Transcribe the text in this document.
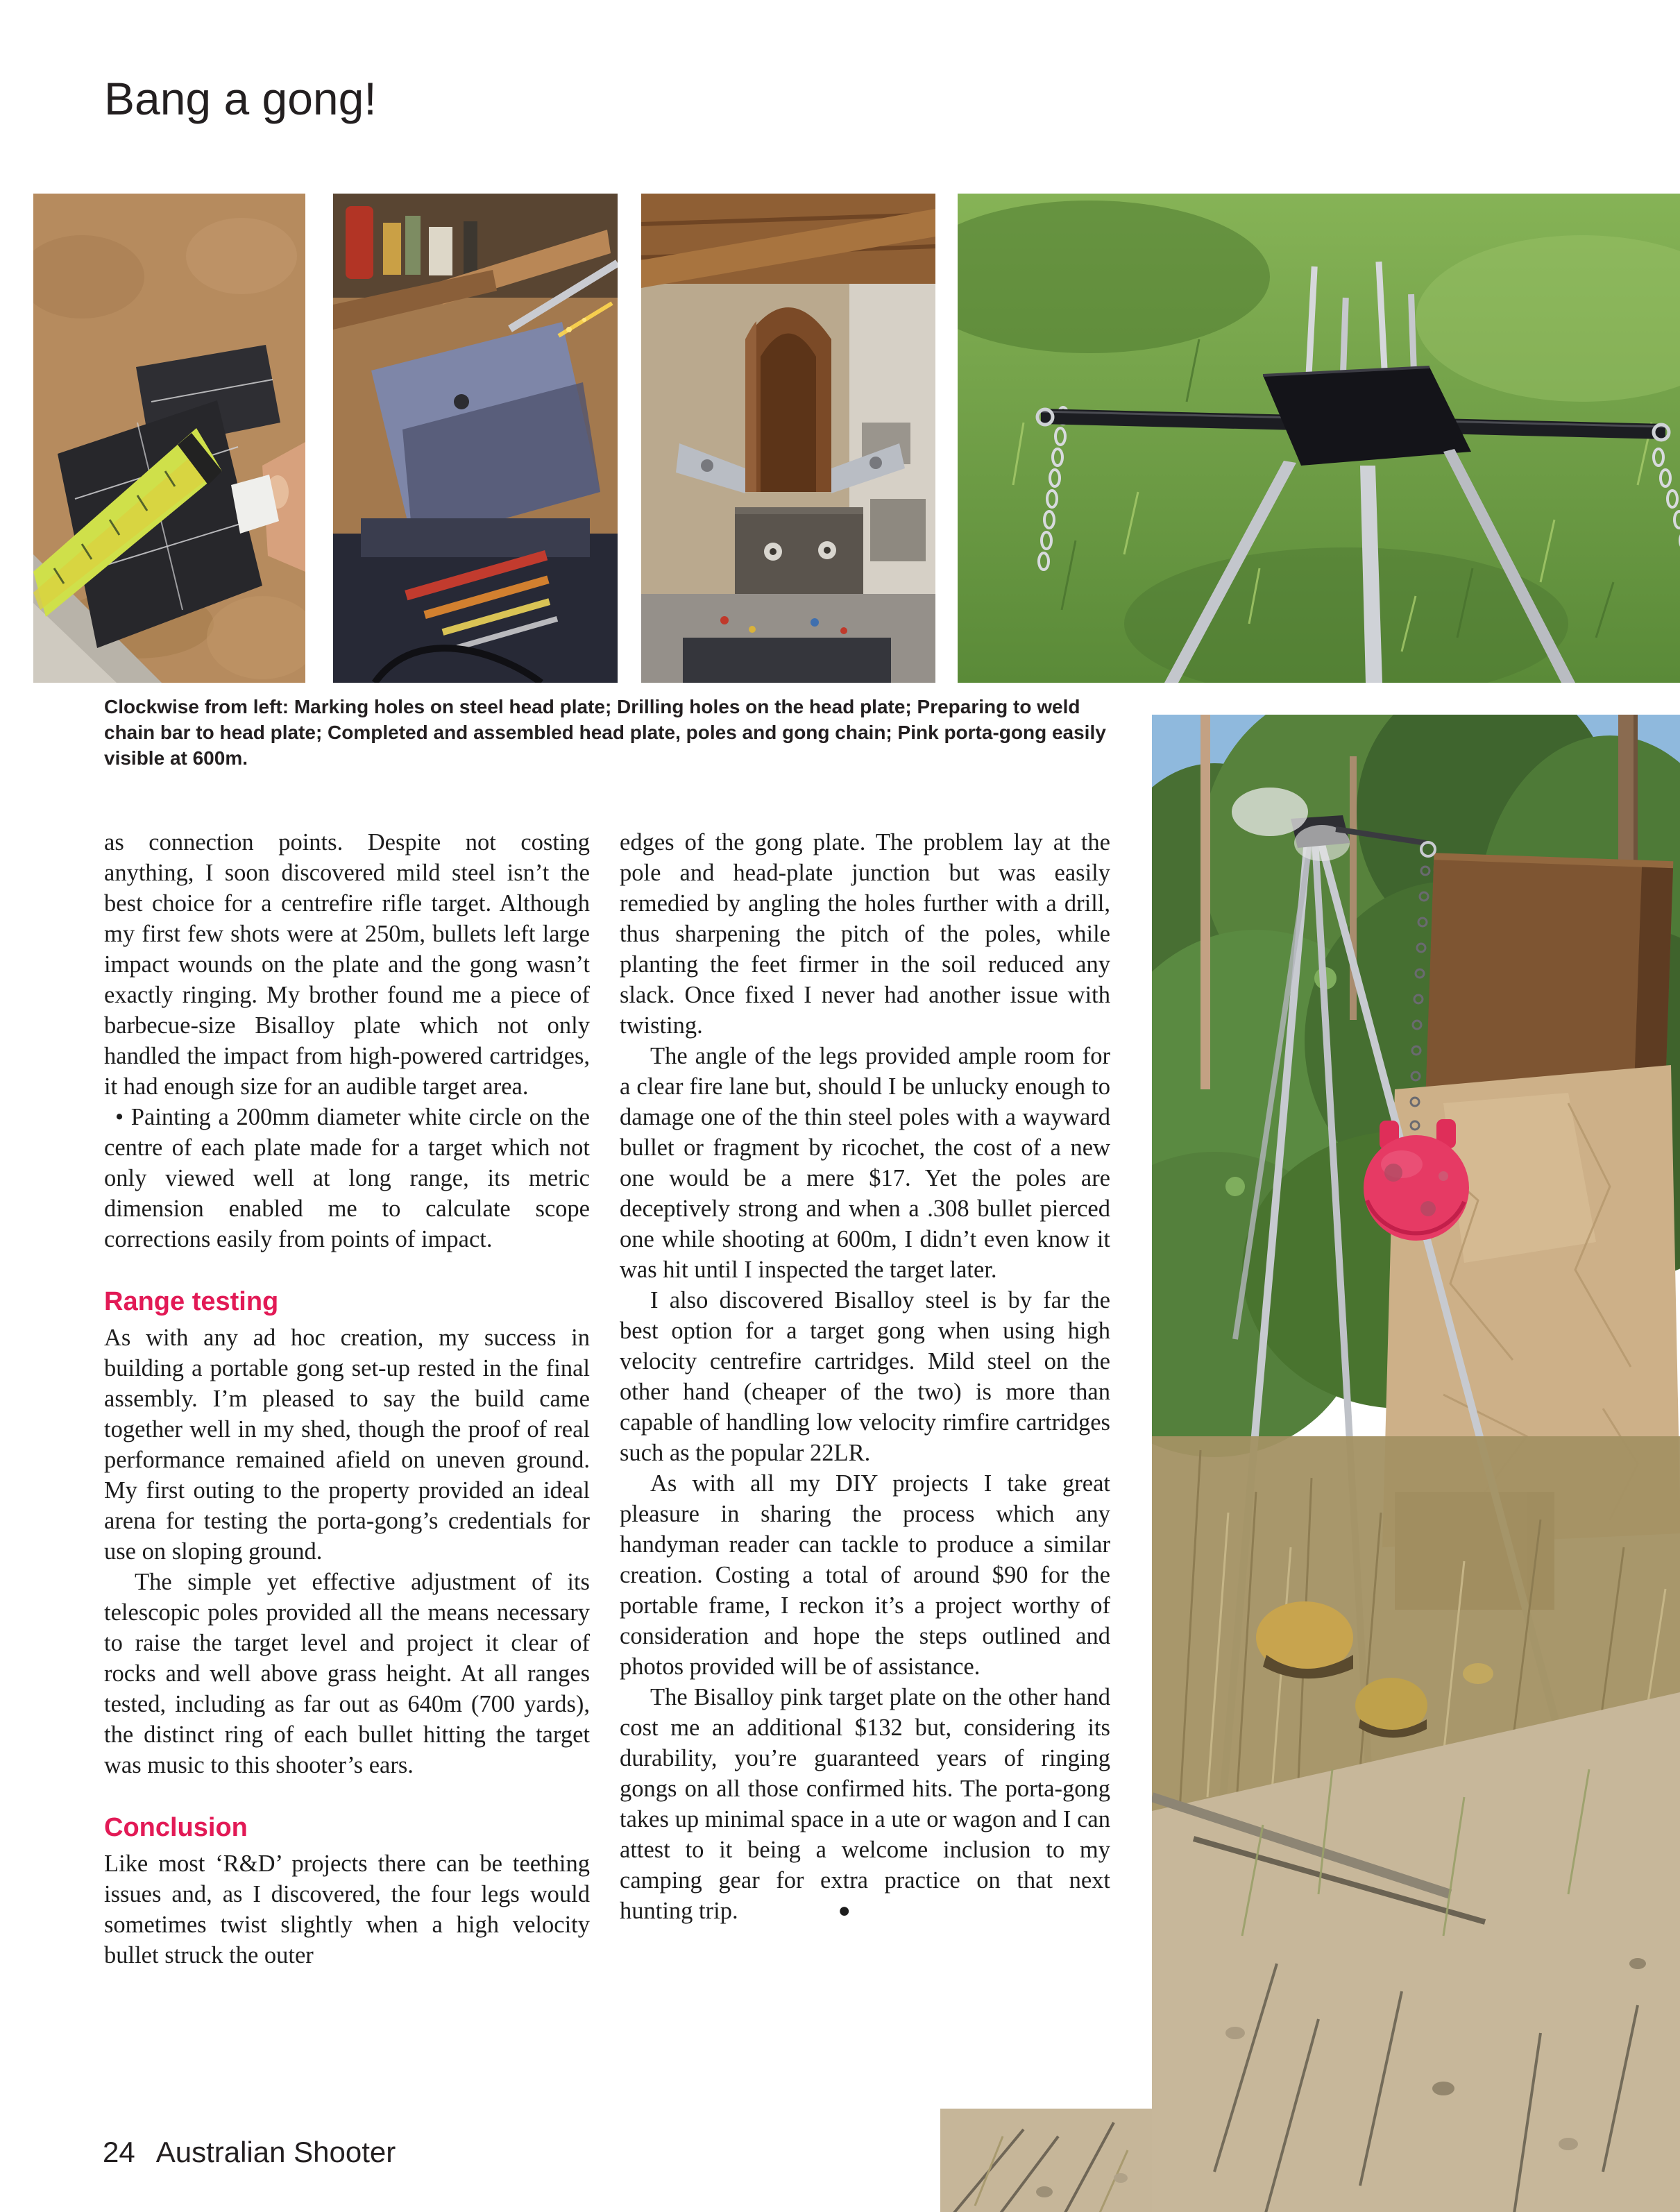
Bang a gong!

Clockwise from left: Marking holes on steel head plate; Drilling holes on the head plate; Preparing to weld chain bar to head plate; Completed and assembled head plate, poles and gong chain; Pink porta-gong easily visible at 600m.

as connection points. Despite not costing anything, I soon discovered mild steel isn’t the best choice for a centrefire rifle target. Although my first few shots were at 250m, bullets left large impact wounds on the plate and the gong wasn’t exactly ringing. My brother found me a piece of barbecue-size Bisalloy plate which not only handled the impact from high-powered cartridges, it had enough size for an audible target area.

• Painting a 200mm diameter white circle on the centre of each plate made for a target which not only viewed well at long range, its metric dimension enabled me to calculate scope corrections easily from points of impact.

Range testing

As with any ad hoc creation, my success in building a portable gong set-up rested in the final assembly. I’m pleased to say the build came together well in my shed, though the proof of real performance remained afield on uneven ground. My first outing to the property provided an ideal arena for testing the porta-gong’s credentials for use on sloping ground.

The simple yet effective adjustment of its telescopic poles provided all the means necessary to raise the target level and project it clear of rocks and well above grass height. At all ranges tested, including as far out as 640m (700 yards), the distinct ring of each bullet hitting the target was music to this shooter’s ears.

Conclusion

Like most ‘R&D’ projects there can be teething issues and, as I discovered, the four legs would sometimes twist slightly when a high velocity bullet struck the outer

edges of the gong plate. The problem lay at the pole and head-plate junction but was easily remedied by angling the holes further with a drill, thus sharpening the pitch of the poles, while planting the feet firmer in the soil reduced any slack. Once fixed I never had another issue with twisting.

The angle of the legs provided ample room for a clear fire lane but, should I be unlucky enough to damage one of the thin steel poles with a wayward bullet or fragment by ricochet, the cost of a new one would be a mere $17. Yet the poles are deceptively strong and when a .308 bullet pierced one while shooting at 600m, I didn’t even know it was hit until I inspected the target later.

I also discovered Bisalloy steel is by far the best option for a target gong when using high velocity centrefire cartridges. Mild steel on the other hand (cheaper of the two) is more than capable of handling low velocity rimfire cartridges such as the popular 22LR.

As with all my DIY projects I take great pleasure in sharing the process which any handyman reader can tackle to produce a similar creation. Costing a total of around $90 for the portable frame, I reckon it’s a project worthy of consideration and hope the steps outlined and photos provided will be of assistance.

The Bisalloy pink target plate on the other hand cost me an additional $132 but, considering its durability, you’re guaranteed years of ringing gongs on all those confirmed hits. The porta-gong takes up minimal space in a ute or wagon and I can attest to it being a welcome inclusion to my camping gear for extra practice on that next hunting trip.	●

24 Australian Shooter
